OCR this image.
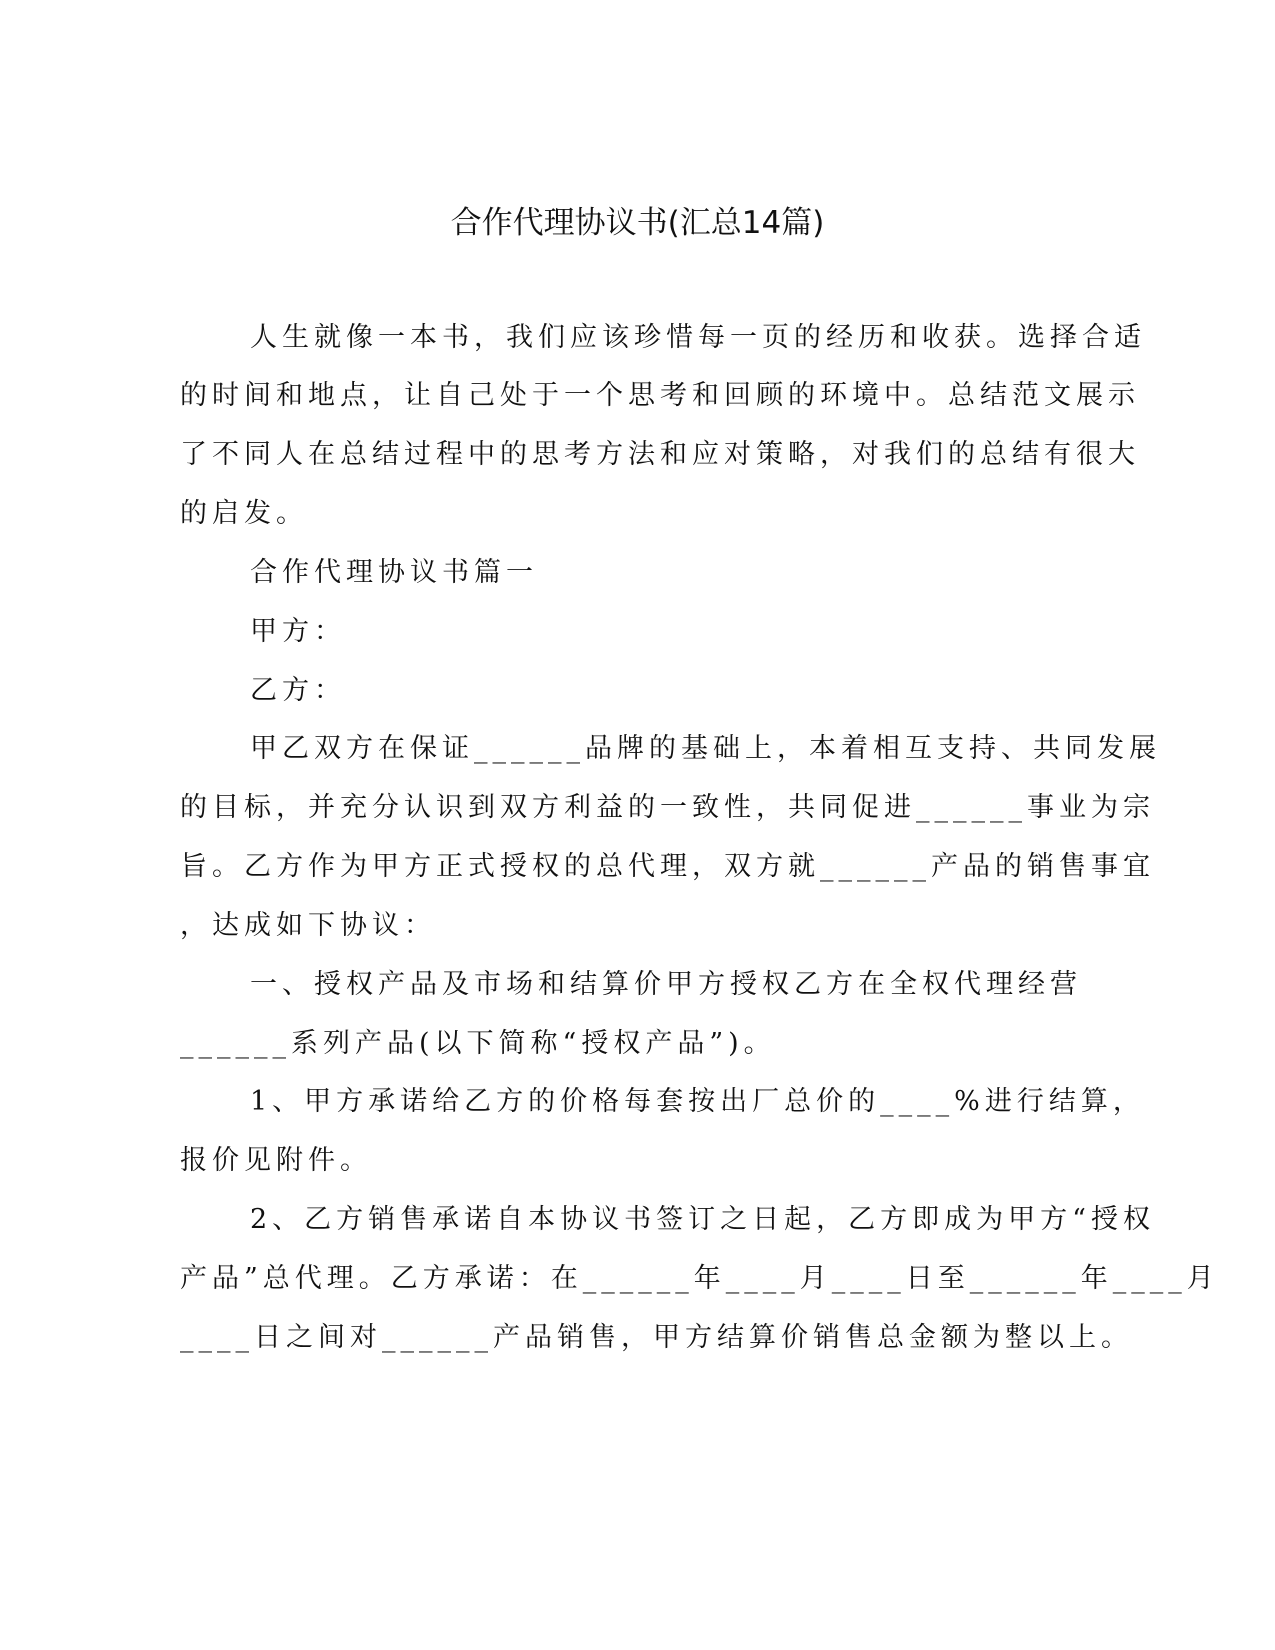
合作代理协议书(汇总14篇)

人生就像一本书，我们应该珍惜每一页的经历和收获。选择合适

的时间和地点，让自己处于一个思考和回顾的环境中。总结范文展示

了不同人在总结过程中的思考方法和应对策略，对我们的总结有很大

的启发。

合作代理协议书篇一

甲方：

乙方：

甲乙双方在保证______品牌的基础上，本着相互支持、共同发展

的目标，并充分认识到双方利益的一致性，共同促进______事业为宗

旨。乙方作为甲方正式授权的总代理，双方就______产品的销售事宜

，达成如下协议：

一、授权产品及市场和结算价甲方授权乙方在全权代理经营

______系列产品(以下简称“授权产品”)。

1、甲方承诺给乙方的价格每套按出厂总价的____%进行结算，

报价见附件。

2、乙方销售承诺自本协议书签订之日起，乙方即成为甲方“授权

产品”总代理。乙方承诺：在______年____月____日至______年____月

____日之间对______产品销售，甲方结算价销售总金额为整以上。
